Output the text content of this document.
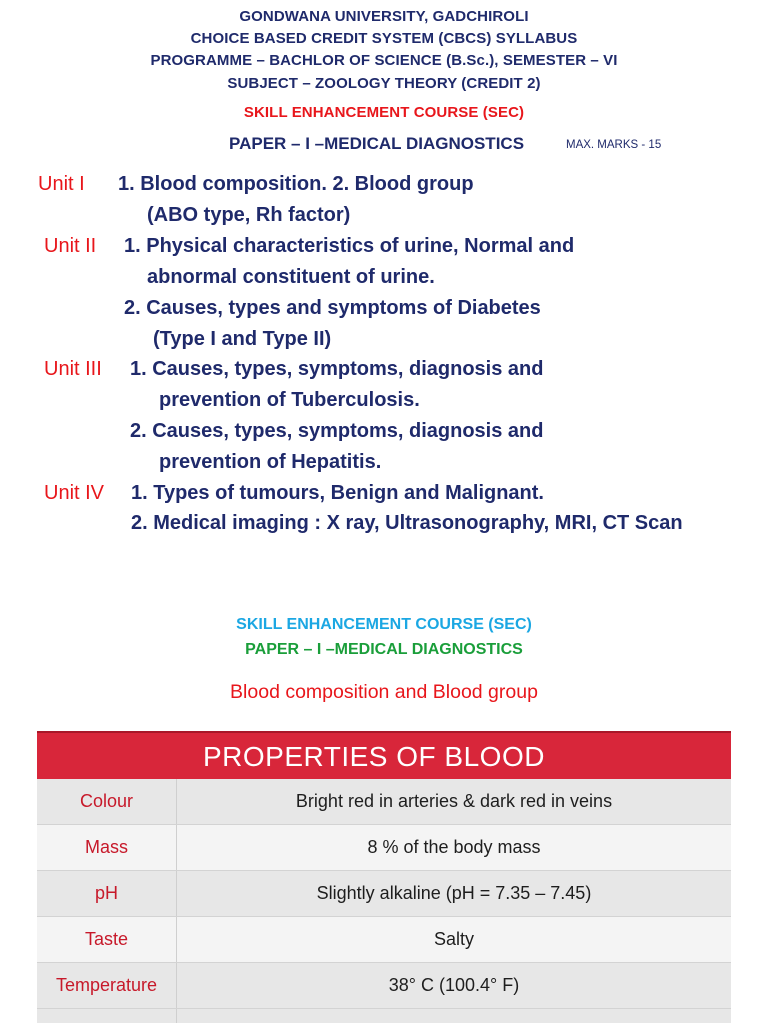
GONDWANA UNIVERSITY, GADCHIROLI
CHOICE BASED CREDIT SYSTEM (CBCS) SYLLABUS
PROGRAMME – BACHLOR OF SCIENCE (B.Sc.), SEMESTER – VI
SUBJECT – ZOOLOGY THEORY (CREDIT 2)
SKILL ENHANCEMENT COURSE (SEC)
PAPER – I –MEDICAL DIAGNOSTICS	MAX. MARKS - 15
Unit I 1. Blood composition. 2. Blood group
(ABO type, Rh factor)
Unit II 1. Physical characteristics of urine, Normal and
abnormal constituent of urine.
2. Causes, types and symptoms of Diabetes
(Type I and Type II)
Unit III 1. Causes, types, symptoms, diagnosis and
prevention of Tuberculosis.
2. Causes, types, symptoms, diagnosis and
prevention of Hepatitis.
Unit IV 1. Types of tumours, Benign and Malignant.
2. Medical imaging : X ray, Ultrasonography, MRI, CT Scan
SKILL ENHANCEMENT COURSE (SEC)
PAPER – I –MEDICAL DIAGNOSTICS
Blood composition and Blood group
PROPERTIES OF BLOOD
Colour	Bright red in arteries & dark red in veins
Mass	8 % of the body mass
pH	Slightly alkaline (pH = 7.35 – 7.45)
Taste	Salty
Temperature	38° C (100.4° F)
